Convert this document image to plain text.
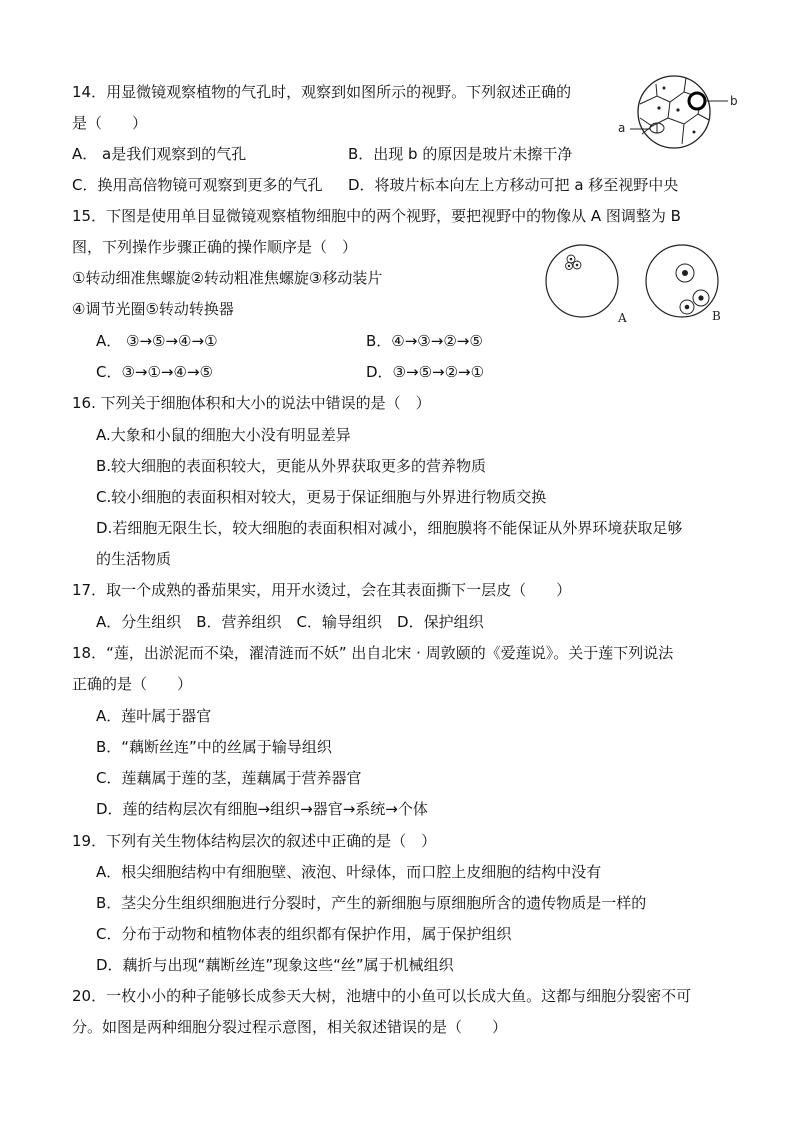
14．用显微镜观察植物的气孔时，观察到如图所示的视野。下列叙述正确的
是（　　）
A． a是我们观察到的气孔	B．出现 b 的原因是玻片未擦干净
C．换用高倍物镜可观察到更多的气孔 D．将玻片标本向左上方移动可把 a 移至视野中央
a
b
15．下图是使用单目显微镜观察植物细胞中的两个视野，要把视野中的物像从 A 图调整为 B
图，下列操作步骤正确的操作顺序是（　）
①转动细准焦螺旋②转动粗准焦螺旋③移动装片
④调节光圈⑤转动转换器
A． ③→⑤→④→①	B．④→③→②→⑤
C．③→①→④→⑤	D．③→⑤→②→①
A	B
16. 下列关于细胞体积和大小的说法中错误的是（　）
A.大象和小鼠的细胞大小没有明显差异
B.较大细胞的表面积较大，更能从外界获取更多的营养物质
C.较小细胞的表面积相对较大，更易于保证细胞与外界进行物质交换
D.若细胞无限生长，较大细胞的表面积相对减小，细胞膜将不能保证从外界环境获取足够
的生活物质
17．取一个成熟的番茄果实，用开水烫过，会在其表面撕下一层皮（　　）
A．分生组织　B．营养组织　C．输导组织　D．保护组织
18．“莲，出淤泥而不染，濯清涟而不妖” 出自北宋 · 周敦颐的《爱莲说》。关于莲下列说法
正确的是（　　）
A．莲叶属于器官
B．“藕断丝连”中的丝属于输导组织
C．莲藕属于莲的茎，莲藕属于营养器官
D．莲的结构层次有细胞→组织→器官→系统→个体
19．下列有关生物体结构层次的叙述中正确的是（　）
A．根尖细胞结构中有细胞壁、液泡、叶绿体，而口腔上皮细胞的结构中没有
B．茎尖分生组织细胞进行分裂时，产生的新细胞与原细胞所含的遗传物质是一样的
C．分布于动物和植物体表的组织都有保护作用，属于保护组织
D．藕折与出现“藕断丝连”现象这些“丝”属于机械组织
20．一枚小小的种子能够长成参天大树，池塘中的小鱼可以长成大鱼。这都与细胞分裂密不可
分。如图是两种细胞分裂过程示意图，相关叙述错误的是（　　）
